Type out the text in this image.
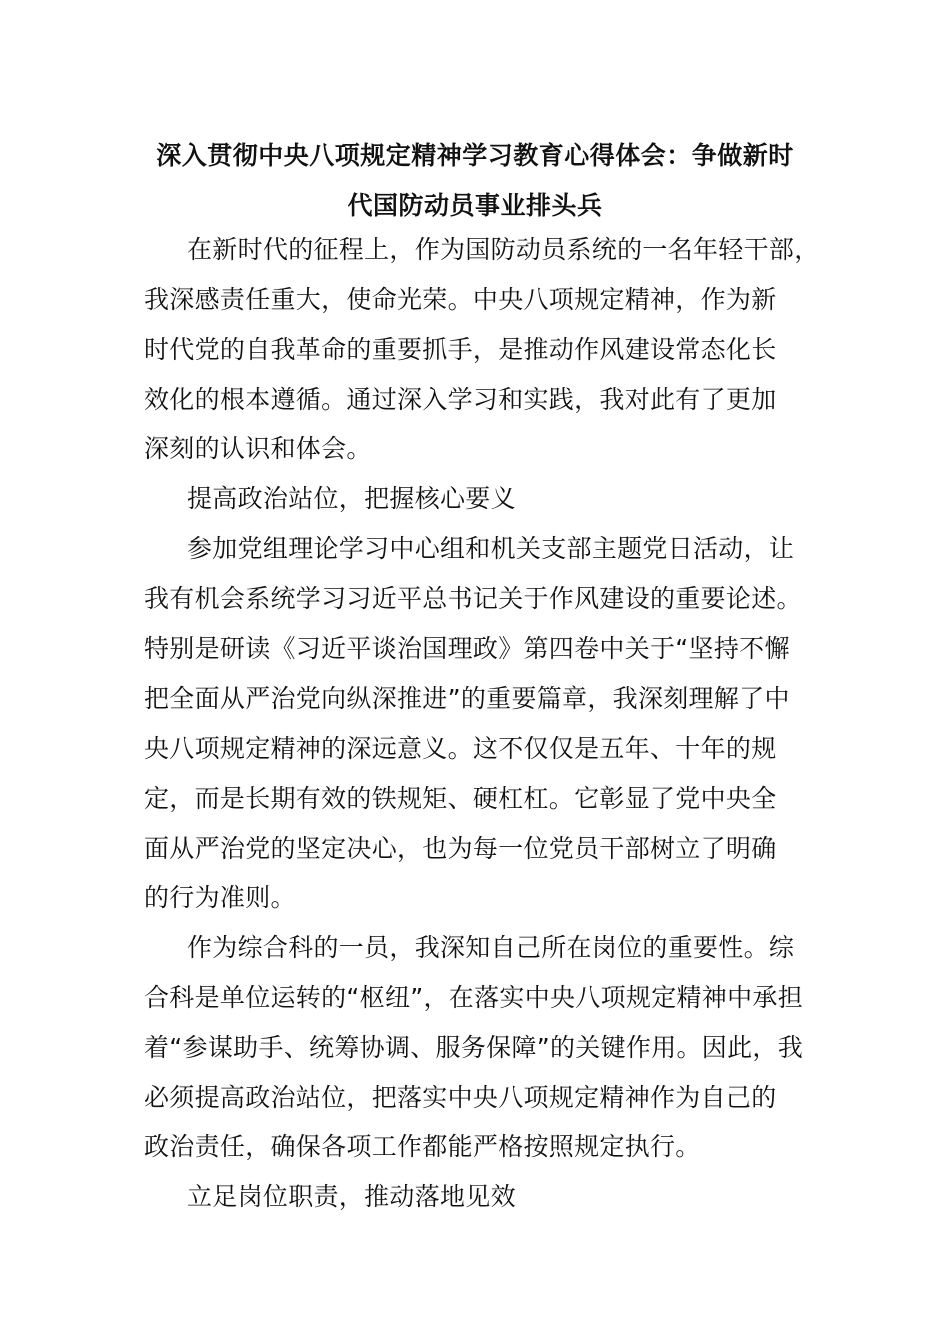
深入贯彻中央八项规定精神学习教育心得体会：争做新时
代国防动员事业排头兵
在新时代的征程上，作为国防动员系统的一名年轻干部，
我深感责任重大，使命光荣。中央八项规定精神，作为新
时代党的自我革命的重要抓手，是推动作风建设常态化长
效化的根本遵循。通过深入学习和实践，我对此有了更加
深刻的认识和体会。
提高政治站位，把握核心要义
参加党组理论学习中心组和机关支部主题党日活动，让
我有机会系统学习习近平总书记关于作风建设的重要论述。
特别是研读《习近平谈治国理政》第四卷中关于“坚持不懈
把全面从严治党向纵深推进”的重要篇章，我深刻理解了中
央八项规定精神的深远意义。这不仅仅是五年、十年的规
定，而是长期有效的铁规矩、硬杠杠。它彰显了党中央全
面从严治党的坚定决心，也为每一位党员干部树立了明确
的行为准则。
作为综合科的一员，我深知自己所在岗位的重要性。综
合科是单位运转的“枢纽”，在落实中央八项规定精神中承担
着“参谋助手、统筹协调、服务保障”的关键作用。因此，我
必须提高政治站位，把落实中央八项规定精神作为自己的
政治责任，确保各项工作都能严格按照规定执行。
立足岗位职责，推动落地见效
